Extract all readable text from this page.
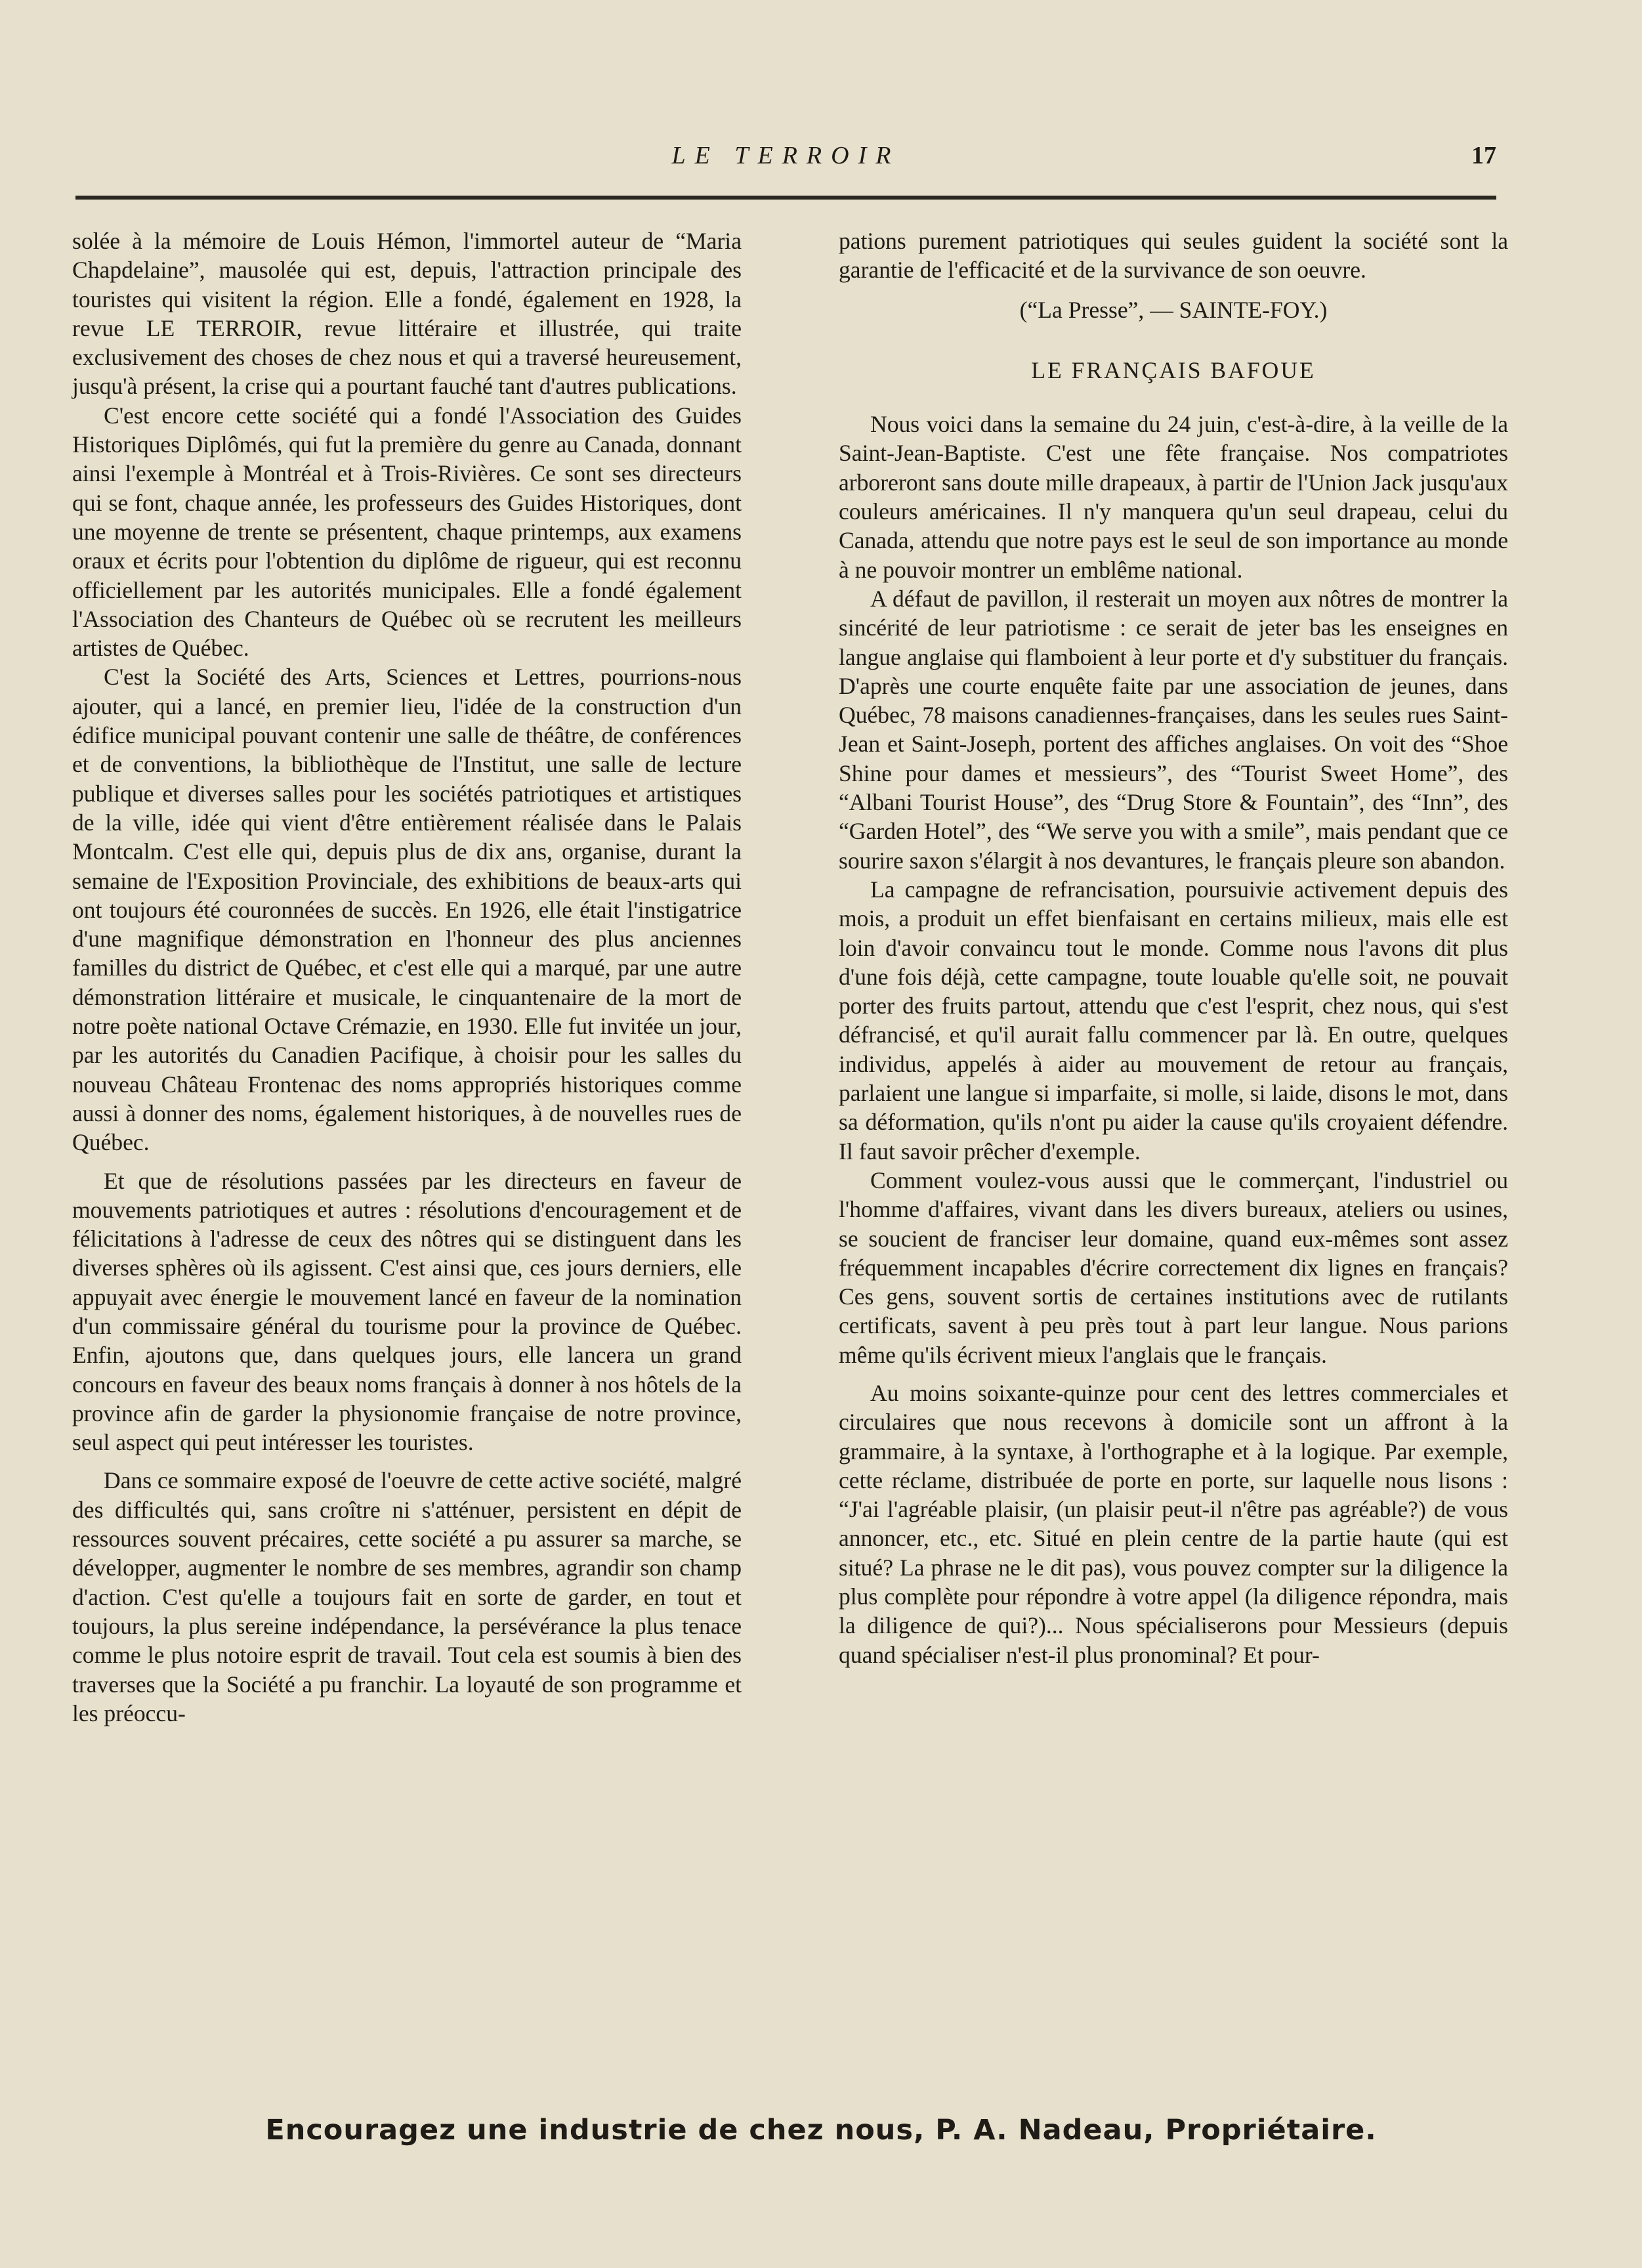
LE TERROIR	17

solée à la mémoire de Louis Hémon, l'immortel auteur de “Maria Chapdelaine”, mausolée qui est, depuis, l'attraction principale des touristes qui visitent la région. Elle a fondé, également en 1928, la revue LE TERROIR, revue littéraire et illustrée, qui traite exclusivement des choses de chez nous et qui a traversé heureusement, jusqu'à présent, la crise qui a pourtant fauché tant d'autres publications.

C'est encore cette société qui a fondé l'Association des Guides Historiques Diplômés, qui fut la première du genre au Canada, donnant ainsi l'exemple à Montréal et à Trois-Rivières. Ce sont ses directeurs qui se font, chaque année, les professeurs des Guides Historiques, dont une moyenne de trente se présentent, chaque printemps, aux examens oraux et écrits pour l'obtention du diplôme de rigueur, qui est reconnu officiellement par les autorités municipales. Elle a fondé également l'Association des Chanteurs de Québec où se recrutent les meilleurs artistes de Québec.

C'est la Société des Arts, Sciences et Lettres, pourrions-nous ajouter, qui a lancé, en premier lieu, l'idée de la construction d'un édifice municipal pouvant contenir une salle de théâtre, de conférences et de conventions, la bibliothèque de l'Institut, une salle de lecture publique et diverses salles pour les sociétés patriotiques et artistiques de la ville, idée qui vient d'être entièrement réalisée dans le Palais Montcalm. C'est elle qui, depuis plus de dix ans, organise, durant la semaine de l'Exposition Provinciale, des exhibitions de beaux-arts qui ont toujours été couronnées de succès. En 1926, elle était l'instigatrice d'une magnifique démonstration en l'honneur des plus anciennes familles du district de Québec, et c'est elle qui a marqué, par une autre démonstration littéraire et musicale, le cinquantenaire de la mort de notre poète national Octave Crémazie, en 1930. Elle fut invitée un jour, par les autorités du Canadien Pacifique, à choisir pour les salles du nouveau Château Frontenac des noms appropriés historiques comme aussi à donner des noms, également historiques, à de nouvelles rues de Québec.

Et que de résolutions passées par les directeurs en faveur de mouvements patriotiques et autres : résolutions d'encouragement et de félicitations à l'adresse de ceux des nôtres qui se distinguent dans les diverses sphères où ils agissent. C'est ainsi que, ces jours derniers, elle appuyait avec énergie le mouvement lancé en faveur de la nomination d'un commissaire général du tourisme pour la province de Québec. Enfin, ajoutons que, dans quelques jours, elle lancera un grand concours en faveur des beaux noms français à donner à nos hôtels de la province afin de garder la physionomie française de notre province, seul aspect qui peut intéresser les touristes.

Dans ce sommaire exposé de l'oeuvre de cette active société, malgré des difficultés qui, sans croître ni s'atténuer, persistent en dépit de ressources souvent précaires, cette société a pu assurer sa marche, se développer, augmenter le nombre de ses membres, agrandir son champ d'action. C'est qu'elle a toujours fait en sorte de garder, en tout et toujours, la plus sereine indépendance, la persévérance la plus tenace comme le plus notoire esprit de travail. Tout cela est soumis à bien des traverses que la Société a pu franchir. La loyauté de son programme et les préoccu-

pations purement patriotiques qui seules guident la société sont la garantie de l'efficacité et de la survivance de son oeuvre.

(“La Presse”, — SAINTE-FOY.)

LE FRANÇAIS BAFOUE

Nous voici dans la semaine du 24 juin, c'est-à-dire, à la veille de la Saint-Jean-Baptiste. C'est une fête française. Nos compatriotes arboreront sans doute mille drapeaux, à partir de l'Union Jack jusqu'aux couleurs américaines. Il n'y manquera qu'un seul drapeau, celui du Canada, attendu que notre pays est le seul de son importance au monde à ne pouvoir montrer un emblême national.

A défaut de pavillon, il resterait un moyen aux nôtres de montrer la sincérité de leur patriotisme : ce serait de jeter bas les enseignes en langue anglaise qui flamboient à leur porte et d'y substituer du français. D'après une courte enquête faite par une association de jeunes, dans Québec, 78 maisons canadiennes-françaises, dans les seules rues Saint-Jean et Saint-Joseph, portent des affiches anglaises. On voit des “Shoe Shine pour dames et messieurs”, des “Tourist Sweet Home”, des “Albani Tourist House”, des “Drug Store & Fountain”, des “Inn”, des “Garden Hotel”, des “We serve you with a smile”, mais pendant que ce sourire saxon s'élargit à nos devantures, le français pleure son abandon.

La campagne de refrancisation, poursuivie activement depuis des mois, a produit un effet bienfaisant en certains milieux, mais elle est loin d'avoir convaincu tout le monde. Comme nous l'avons dit plus d'une fois déjà, cette campagne, toute louable qu'elle soit, ne pouvait porter des fruits partout, attendu que c'est l'esprit, chez nous, qui s'est défrancisé, et qu'il aurait fallu commencer par là. En outre, quelques individus, appelés à aider au mouvement de retour au français, parlaient une langue si imparfaite, si molle, si laide, disons le mot, dans sa déformation, qu'ils n'ont pu aider la cause qu'ils croyaient défendre. Il faut savoir prêcher d'exemple.

Comment voulez-vous aussi que le commerçant, l'industriel ou l'homme d'affaires, vivant dans les divers bureaux, ateliers ou usines, se soucient de franciser leur domaine, quand eux-mêmes sont assez fréquemment incapables d'écrire correctement dix lignes en français? Ces gens, souvent sortis de certaines institutions avec de rutilants certificats, savent à peu près tout à part leur langue. Nous parions même qu'ils écrivent mieux l'anglais que le français.

Au moins soixante-quinze pour cent des lettres commerciales et circulaires que nous recevons à domicile sont un affront à la grammaire, à la syntaxe, à l'orthographe et à la logique. Par exemple, cette réclame, distribuée de porte en porte, sur laquelle nous lisons : “J'ai l'agréable plaisir, (un plaisir peut-il n'être pas agréable?) de vous annoncer, etc., etc. Situé en plein centre de la partie haute (qui est situé? La phrase ne le dit pas), vous pouvez compter sur la diligence la plus complète pour répondre à votre appel (la diligence répondra, mais la diligence de qui?)... Nous spécialiserons pour Messieurs (depuis quand spécialiser n'est-il plus pronominal? Et pour-

Encouragez une industrie de chez nous, P. A. Nadeau, Propriétaire.
